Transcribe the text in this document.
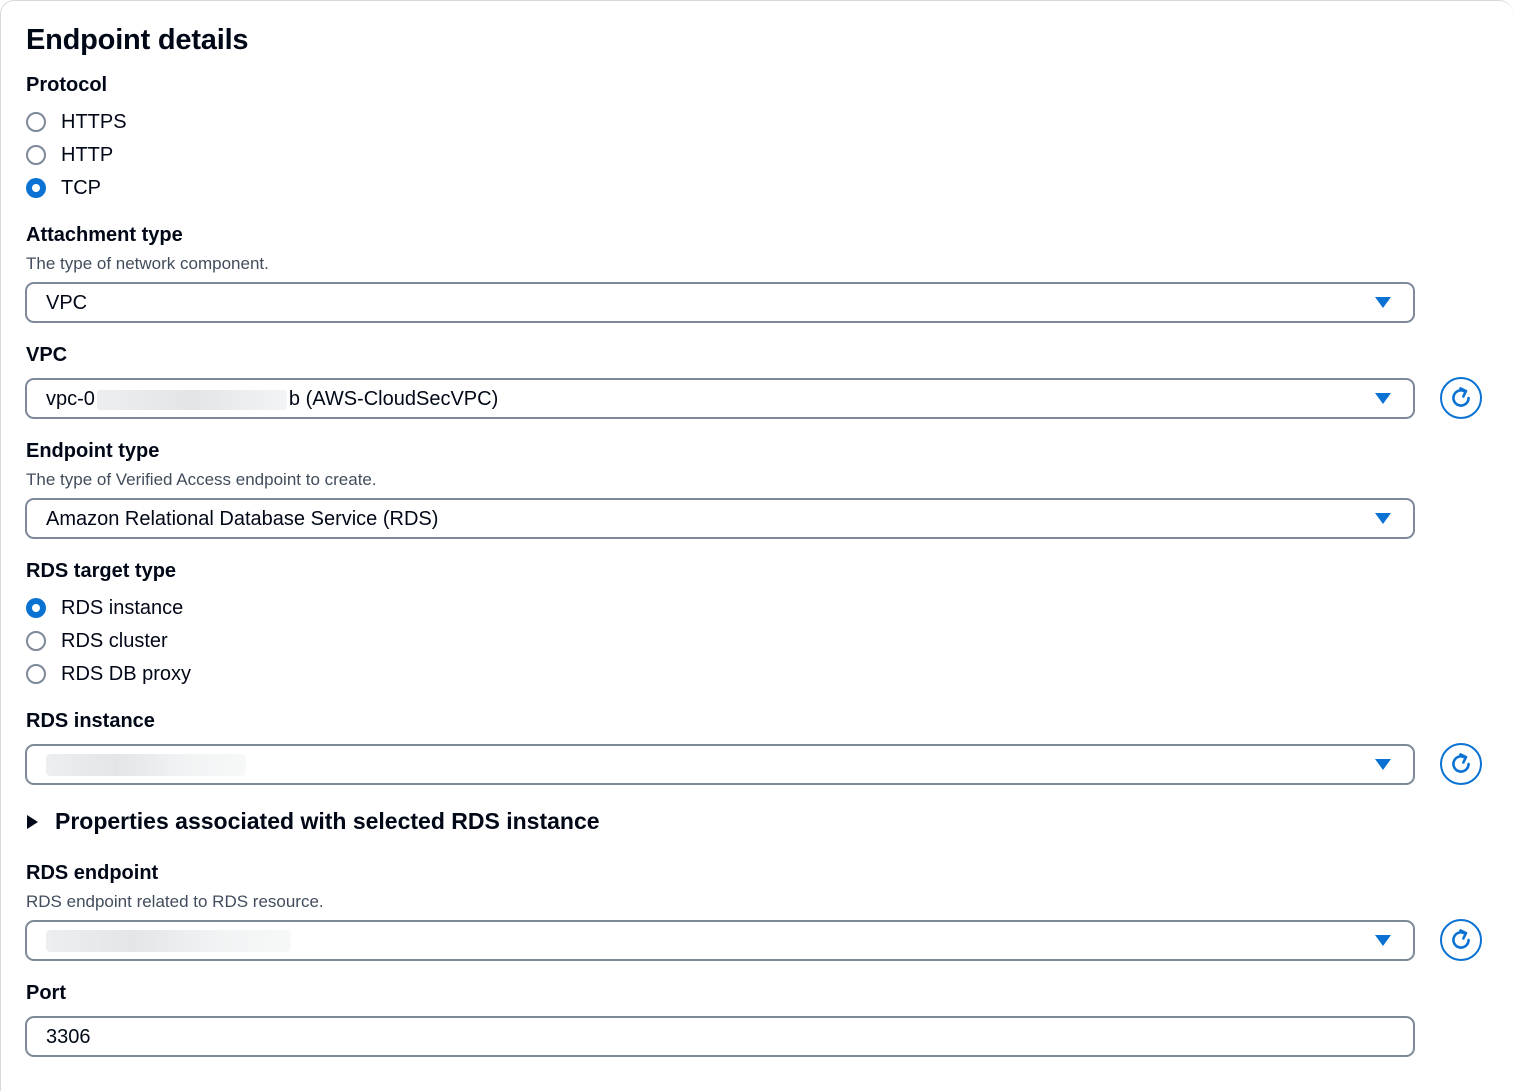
Endpoint details
Protocol
HTTPS
HTTP
TCP
Attachment type
The type of network component.
VPC
VPC
vpc-0	b (AWS-CloudSecVPC)
Endpoint type
The type of Verified Access endpoint to create.
Amazon Relational Database Service (RDS)
RDS target type
RDS instance
RDS cluster
RDS DB proxy
RDS instance
Properties associated with selected RDS instance
RDS endpoint
RDS endpoint related to RDS resource.
Port
3306
